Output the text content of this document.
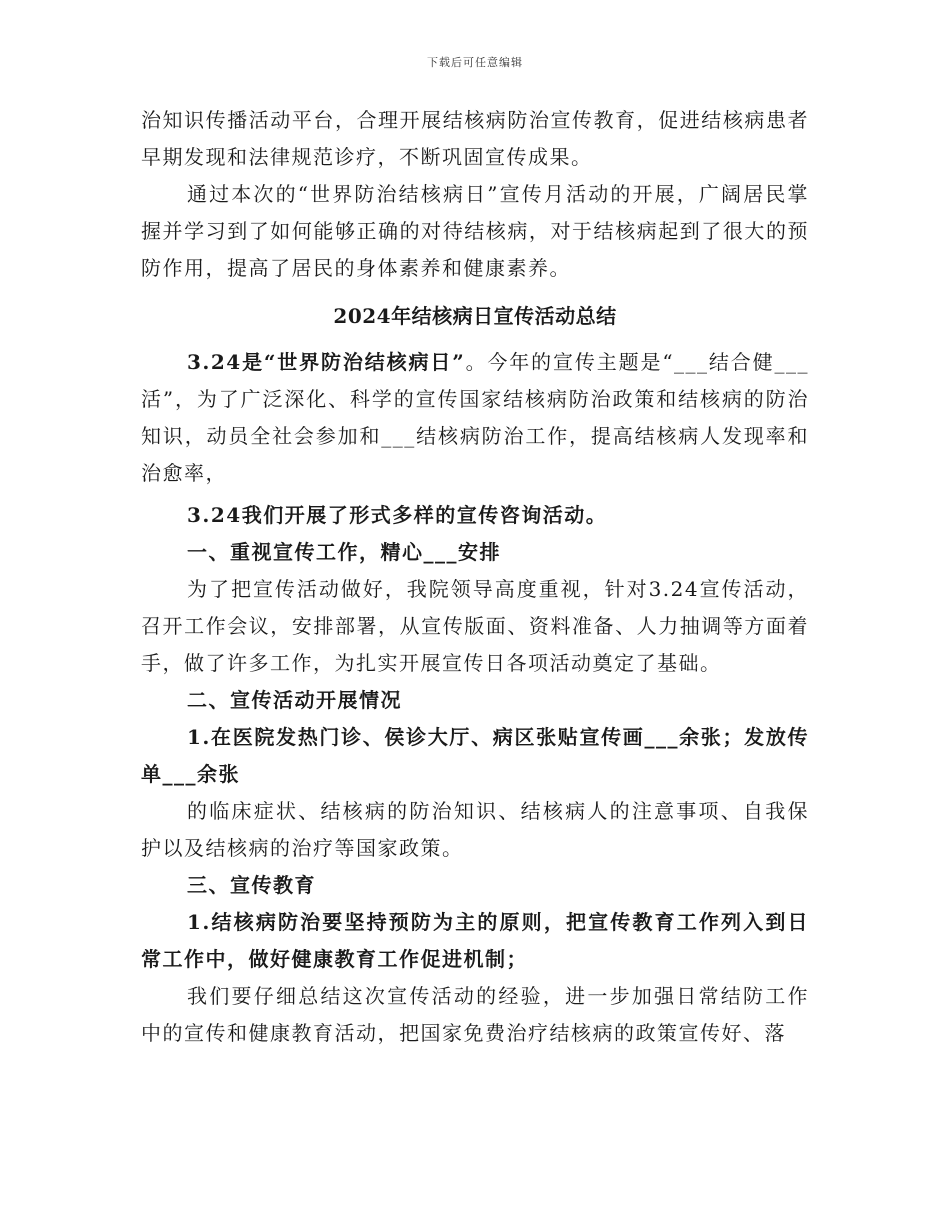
下载后可任意编辑

治知识传播活动平台，合理开展结核病防治宣传教育，促进结核病患者早期发现和法律规范诊疗，不断巩固宣传成果。

通过本次的“世界防治结核病日”宣传月活动的开展，广阔居民掌握并学习到了如何能够正确的对待结核病，对于结核病起到了很大的预防作用，提高了居民的身体素养和健康素养。

2024年结核病日宣传活动总结

3.24是“世界防治结核病日”。今年的宣传主题是“___结合健___活”，为了广泛深化、科学的宣传国家结核病防治政策和结核病的防治知识，动员全社会参加和___结核病防治工作，提高结核病人发现率和治愈率，

3.24我们开展了形式多样的宣传咨询活动。

一、重视宣传工作，精心___安排

为了把宣传活动做好，我院领导高度重视，针对3.24宣传活动，召开工作会议，安排部署，从宣传版面、资料准备、人力抽调等方面着手，做了许多工作，为扎实开展宣传日各项活动奠定了基础。

二、宣传活动开展情况

1.在医院发热门诊、侯诊大厅、病区张贴宣传画___余张；发放传单___余张

的临床症状、结核病的防治知识、结核病人的注意事项、自我保护以及结核病的治疗等国家政策。

三、宣传教育

1.结核病防治要坚持预防为主的原则，把宣传教育工作列入到日常工作中，做好健康教育工作促进机制；

我们要仔细总结这次宣传活动的经验，进一步加强日常结防工作中的宣传和健康教育活动，把国家免费治疗结核病的政策宣传好、落
